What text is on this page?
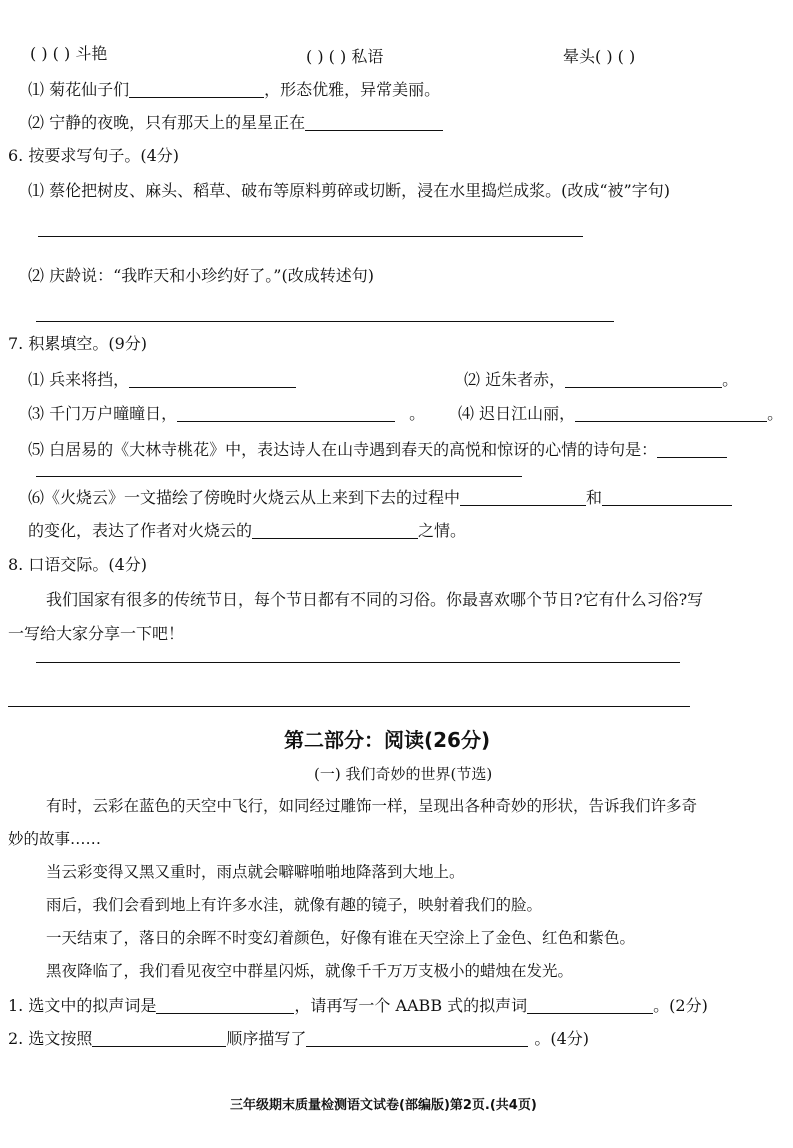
( ) ( ) 斗艳	( ) ( ) 私语	晕头( ) ( )
⑴ 菊花仙子们	，形态优雅，异常美丽。
⑵ 宁静的夜晚，只有那天上的星星正在
6. 按要求写句子。(4分)
⑴ 蔡伦把树皮、麻头、稻草、破布等原料剪碎或切断，浸在水里捣烂成浆。(改成“被”字句)
⑵ 庆龄说：“我昨天和小珍约好了。”(改成转述句)
7. 积累填空。(9分)
⑴ 兵来将挡，	⑵ 近朱者赤，	。
⑶ 千门万户曈曈日，	。 ⑷ 迟日江山丽，	。
⑸ 白居易的《大林寺桃花》中，表达诗人在山寺遇到春天的高悦和惊讶的心情的诗句是：
⑹《火烧云》一文描绘了傍晚时火烧云从上来到下去的过程中	和
的变化，表达了作者对火烧云的	之情。
8. 口语交际。(4分)
我们国家有很多的传统节日，每个节日都有不同的习俗。你最喜欢哪个节日?它有什么习俗?写
一写给大家分享一下吧！
第二部分：阅读(26分)
(一) 我们奇妙的世界(节选)
有时，云彩在蓝色的天空中飞行，如同经过雕饰一样，呈现出各种奇妙的形状，告诉我们许多奇
妙的故事……
当云彩变得又黑又重时，雨点就会噼噼啪啪地降落到大地上。
雨后，我们会看到地上有许多水洼，就像有趣的镜子，映射着我们的脸。
一天结束了，落日的余晖不时变幻着颜色，好像有谁在天空涂上了金色、红色和紫色。
黑夜降临了，我们看见夜空中群星闪烁，就像千千万万支极小的蜡烛在发光。
1. 选文中的拟声词是	，请再写一个 AABB 式的拟声词	。(2分)
2. 选文按照	顺序描写了	。(4分)
三年级期末质量检测语文试卷(部编版)第2页.(共4页)
